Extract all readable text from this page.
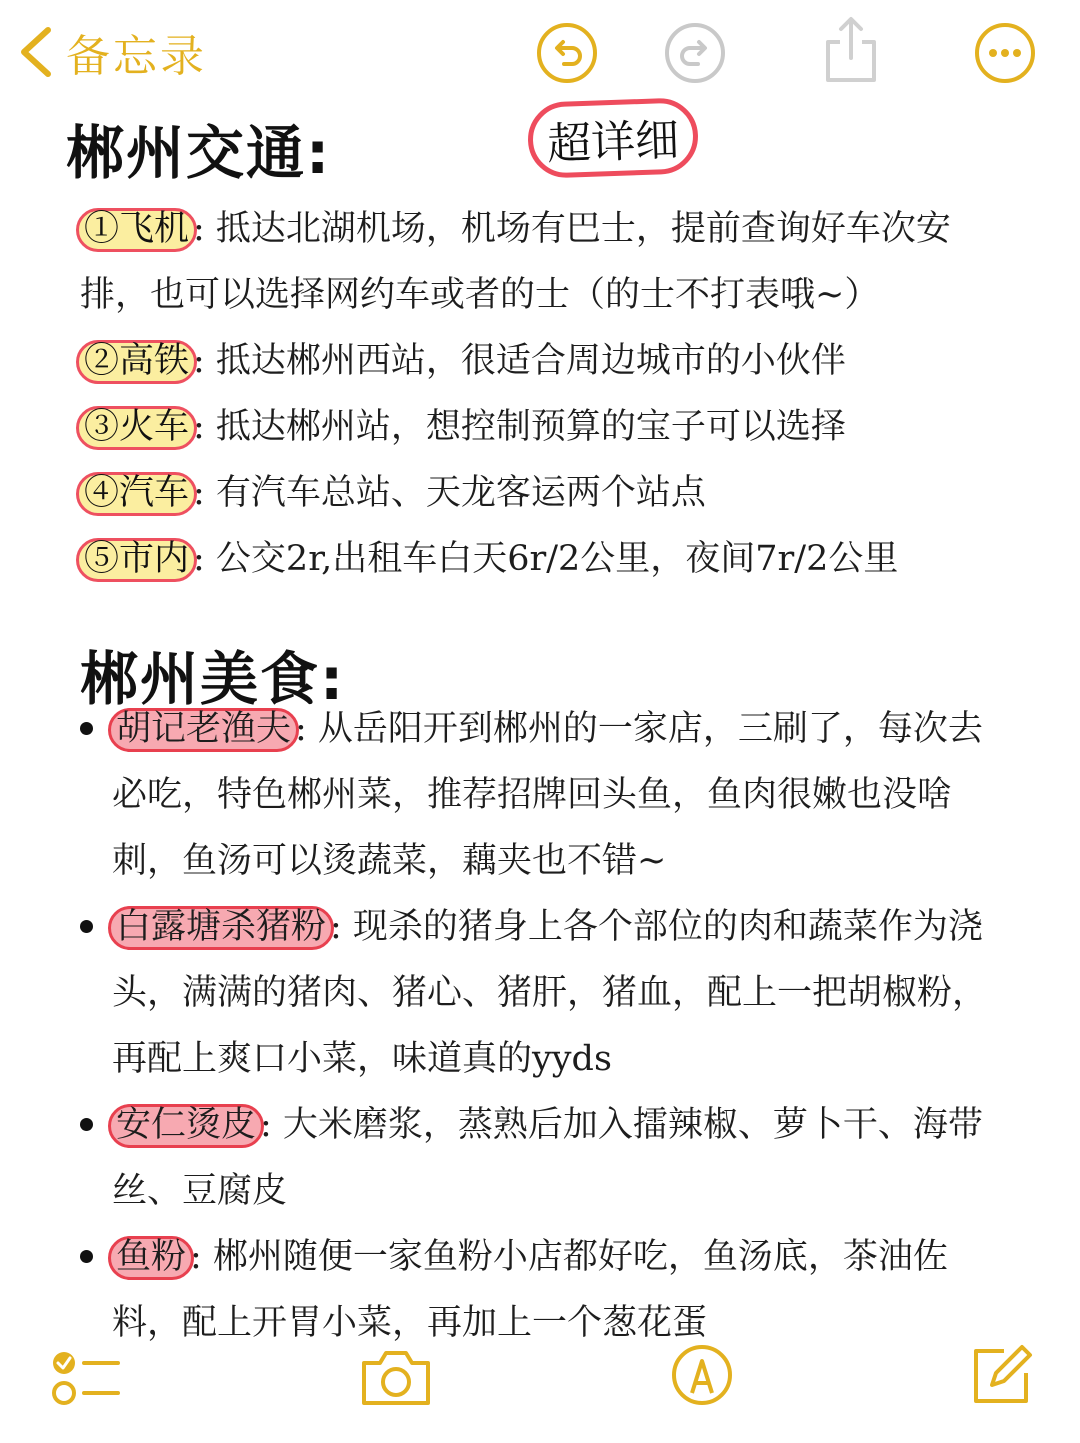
备忘录
郴州交通:	超详细
①飞机 : 抵达北湖机场，机场有巴士，提前查询好车次安
排，也可以选择网约车或者的士（的士不打表哦~）
②高铁 : 抵达郴州西站，很适合周边城市的小伙伴
③火车 : 抵达郴州站，想控制预算的宝子可以选择
④汽车 : 有汽车总站、天龙客运两个站点
⑤市内 : 公交2r,出租车白天6r/2公里，夜间7r/2公里
郴州美食:
胡记老渔夫 : 从岳阳开到郴州的一家店，三刷了，每次去
必吃，特色郴州菜，推荐招牌回头鱼，鱼肉很嫩也没啥
刺，鱼汤可以烫蔬菜，藕夹也不错~
白露塘杀猪粉 : 现杀的猪身上各个部位的肉和蔬菜作为浇
头，满满的猪肉、猪心、猪肝，猪血，配上一把胡椒粉，
再配上爽口小菜，味道真的yyds
安仁烫皮 : 大米磨浆，蒸熟后加入擂辣椒、萝卜干、海带
丝、豆腐皮
鱼粉 : 郴州随便一家鱼粉小店都好吃，鱼汤底，茶油佐
料，配上开胃小菜，再加上一个葱花蛋
